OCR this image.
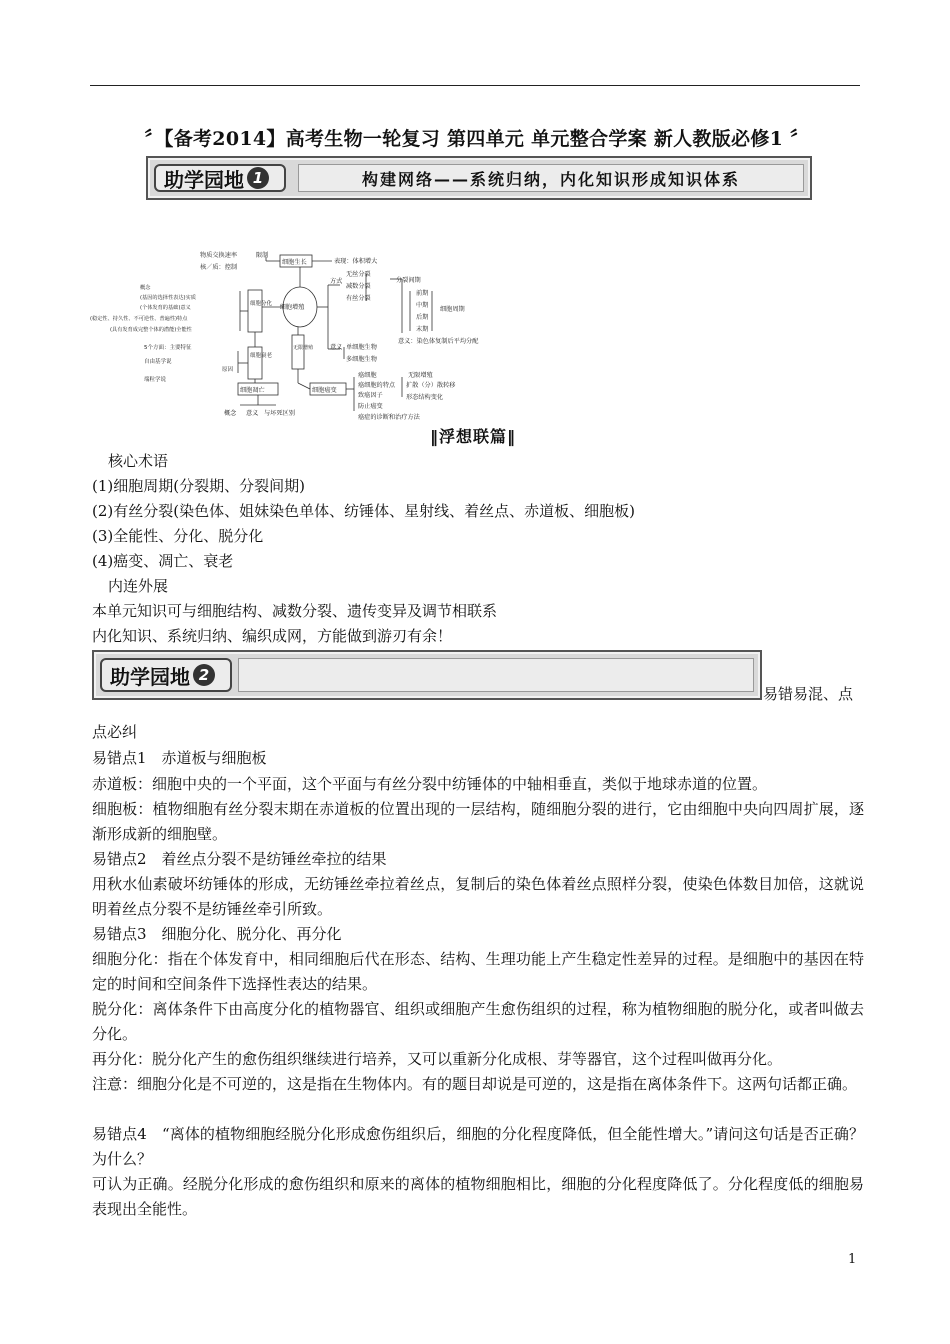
〞【备考2014】高考生物一轮复习 第四单元 单元整合学案 新人教版必修1 〞
助学园地 1	构建网络——系统归纳，内化知识形成知识体系
细胞增殖
细胞生长
限制
物质交换速率
核／质：控制
表现：体积增大
方式
无丝分裂
减数分裂
有丝分裂
分裂间期
前期
中期
后期
末期
细胞周期
意义：染色体复制后平均分配
意义 单细胞生物
多细胞生物
细胞分化
概念
(基因的选择性表达)实质
(个体发育的基础)意义
(稳定性、持久性、不可逆性、普遍性)特点
(具有发育成完整个体的潜能)全能性
细胞衰老
5个方面：主要特征
自由基学说
端粒学说
原因
细胞凋亡
概念 意义 与坏死区别
无限增殖
细胞癌变
癌细胞
癌细胞的特点
致癌因子
防止癌变
癌症的诊断和治疗方法
无限增殖
扩散（分）散转移
形态结构变化
‖浮想联篇‖
核心术语
(1)细胞周期(分裂期、分裂间期)
(2)有丝分裂(染色体、姐妹染色单体、纺锤体、星射线、着丝点、赤道板、细胞板)
(3)全能性、分化、脱分化
(4)癌变、凋亡、衰老
内连外展
本单元知识可与细胞结构、减数分裂、遗传变异及调节相联系
内化知识、系统归纳、编织成网，方能做到游刃有余！
助学园地 2
易错易混、点
点必纠
易错点1　赤道板与细胞板
赤道板：细胞中央的一个平面，这个平面与有丝分裂中纺锤体的中轴相垂直，类似于地球赤道的位置。
细胞板：植物细胞有丝分裂末期在赤道板的位置出现的一层结构，随细胞分裂的进行，它由细胞中央向四周扩展，逐渐形成新的细胞壁。
易错点2　着丝点分裂不是纺锤丝牵拉的结果
用秋水仙素破坏纺锤体的形成，无纺锤丝牵拉着丝点，复制后的染色体着丝点照样分裂，使染色体数目加倍，这就说明着丝点分裂不是纺锤丝牵引所致。
易错点3　细胞分化、脱分化、再分化
细胞分化：指在个体发育中，相同细胞后代在形态、结构、生理功能上产生稳定性差异的过程。是细胞中的基因在特定的时间和空间条件下选择性表达的结果。
脱分化：离体条件下由高度分化的植物器官、组织或细胞产生愈伤组织的过程，称为植物细胞的脱分化，或者叫做去分化。
再分化：脱分化产生的愈伤组织继续进行培养，又可以重新分化成根、芽等器官，这个过程叫做再分化。
注意：细胞分化是不可逆的，这是指在生物体内。有的题目却说是可逆的，这是指在离体条件下。这两句话都正确。
易错点4　“离体的植物细胞经脱分化形成愈伤组织后，细胞的分化程度降低，但全能性增大。”请问这句话是否正确？为什么？
可认为正确。经脱分化形成的愈伤组织和原来的离体的植物细胞相比，细胞的分化程度降低了。分化程度低的细胞易表现出全能性。
1
